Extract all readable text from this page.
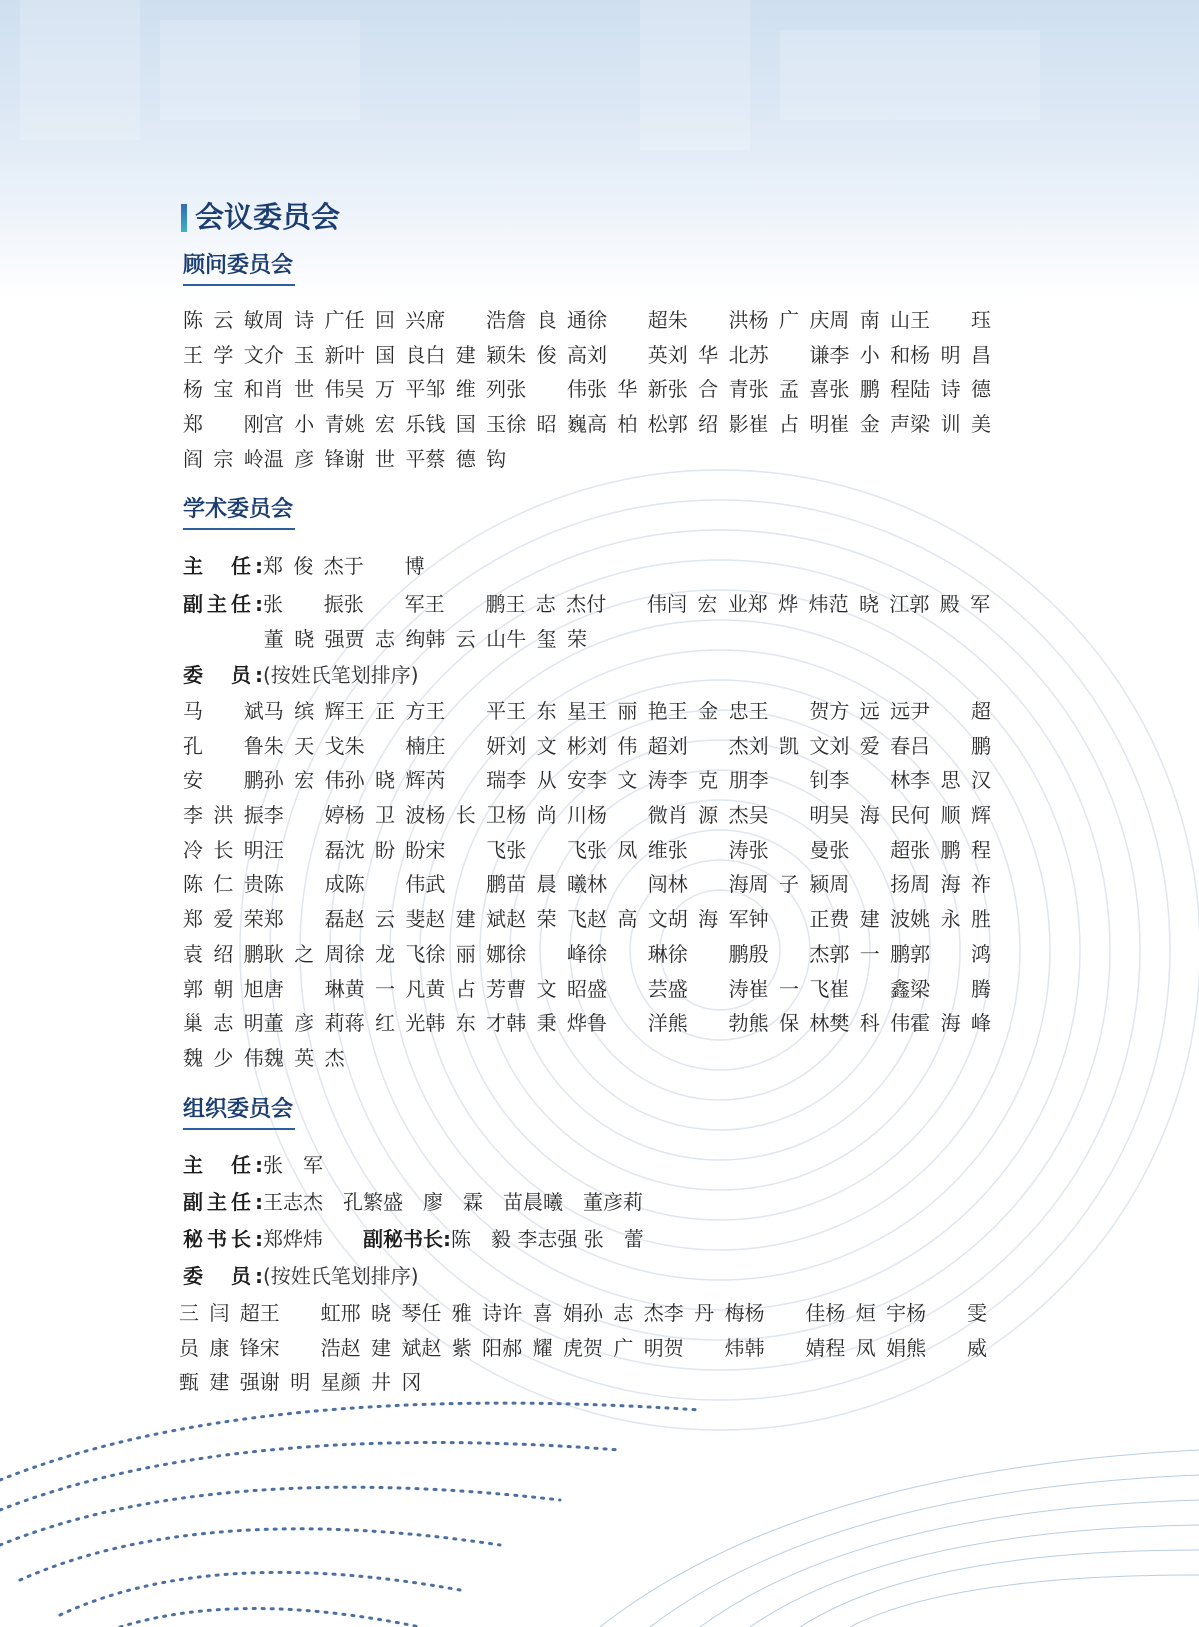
会议委员会
顾问委员会
陈云敏周诗广任回兴席　浩詹良通徐　超朱　洪杨广庆周南山王　珏
王学文介玉新叶国良白建颖朱俊高刘　英刘华北苏　谦李小和杨明昌
杨宝和肖世伟吴万平邹维列张　伟张华新张合青张孟喜张鹏程陆诗德
郑　刚宫小青姚宏乐钱国玉徐昭巍高柏松郭绍影崔占明崔金声梁训美
阎宗岭温彦锋谢世平蔡德钩
学术委员会
主　任:郑俊杰于　博
副主任:张　振张　军王　鹏王志杰付　伟闫宏业郑烨炜范晓江郭殿军
董晓强贾志绚韩云山牛玺荣
委　员:(按姓氏笔划排序)
马　斌马缤辉王正方王　平王东星王丽艳王金忠王　贺方远远尹　超
孔　鲁朱天戈朱　楠庄　妍刘文彬刘伟超刘　杰刘凯文刘爱春吕　鹏
安　鹏孙宏伟孙晓辉芮　瑞李从安李文涛李克朋李　钊李　林李思汉
李洪振李　婷杨卫波杨长卫杨尚川杨　微肖源杰吴　明吴海民何顺辉
冷长明汪　磊沈盼盼宋　飞张　飞张凤维张　涛张　曼张　超张鹏程
陈仁贵陈　成陈　伟武　鹏苗晨曦林　闯林　海周子颍周　扬周海祚
郑爱荣郑　磊赵云斐赵建斌赵荣飞赵高文胡海军钟　正费建波姚永胜
袁绍鹏耿之周徐龙飞徐丽娜徐　峰徐　琳徐　鹏殷　杰郭一鹏郭　鸿
郭朝旭唐　琳黄一凡黄占芳曹文昭盛　芸盛　涛崔一飞崔　鑫梁　腾
巢志明董彦莉蒋红光韩东才韩秉烨鲁　洋熊　勃熊保林樊科伟霍海峰
魏少伟魏英杰
组织委员会
主　任:张　军
副主任:王志杰　孔繁盛　廖　霖　苗晨曦　董彦莉
秘书长:郑烨炜 副秘书长:陈　毅 李志强 张　蕾
委　员:(按姓氏笔划排序)
三闫超王　虹邢晓琴任雅诗许喜娟孙志杰李丹梅杨　佳杨烜宇杨　雯
员康锋宋　浩赵建斌赵紫阳郝耀虎贺广明贺　炜韩　婧程凤娟熊　威
甄建强谢明星颜井冈
